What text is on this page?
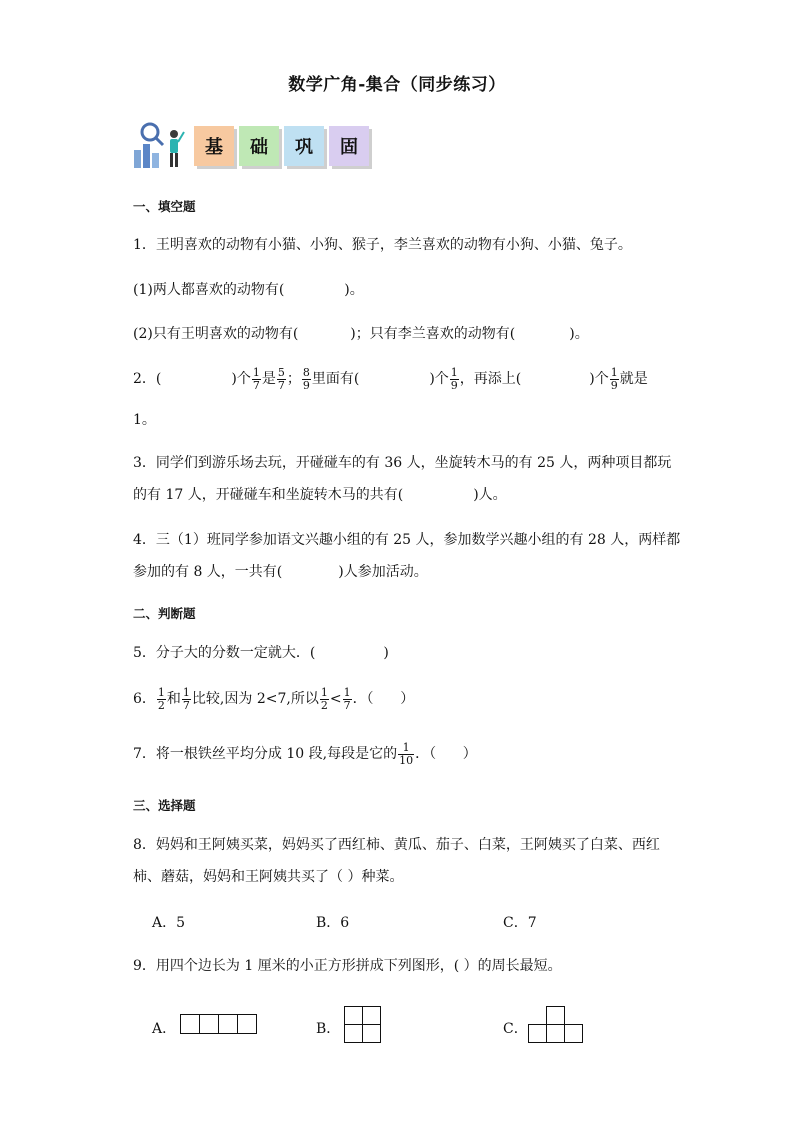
数学广角-集合（同步练习）
基	础	巩	固
一、填空题
1．王明喜欢的动物有小猫、小狗、猴子，李兰喜欢的动物有小狗、小猫、兔子。
(1)两人都喜欢的动物有(	)。
(2)只有王明喜欢的动物有(	)；只有李兰喜欢的动物有(	)。
2．(	)个 $\frac{1}{7}$ 是 $\frac{5}{7}$ ； $\frac{8}{9}$ 里面有(	)个 $\frac{1}{9}$ ，再添上(	)个 $\frac{1}{9}$ 就是
1。
3．同学们到游乐场去玩，开碰碰车的有 36 人，坐旋转木马的有 25 人，两种项目都玩
的有 17 人，开碰碰车和坐旋转木马的共有(	)人。
4．三（1）班同学参加语文兴趣小组的有 25 人，参加数学兴趣小组的有 28 人，两样都
参加的有 8 人，一共有(	)人参加活动。
二、判断题
5．分子大的分数一定就大．(	)
6． $\frac{1}{2}$ 和 $\frac{1}{7}$ 比较,因为 2<7,所以 $\frac{1}{2} < \frac{1}{7}$ ．（      ）
7．将一根铁丝平均分成 10 段,每段是它的 $\frac{1}{10}$ ．（      ）
三、选择题
8．妈妈和王阿姨买菜，妈妈买了西红柿、黄瓜、茄子、白菜，王阿姨买了白菜、西红
柿、蘑菇，妈妈和王阿姨共买了（ ）种菜。
A．5	B．6	C．7
9．用四个边长为 1 厘米的小正方形拼成下列图形，( ）的周长最短。
A．	B．	C．
